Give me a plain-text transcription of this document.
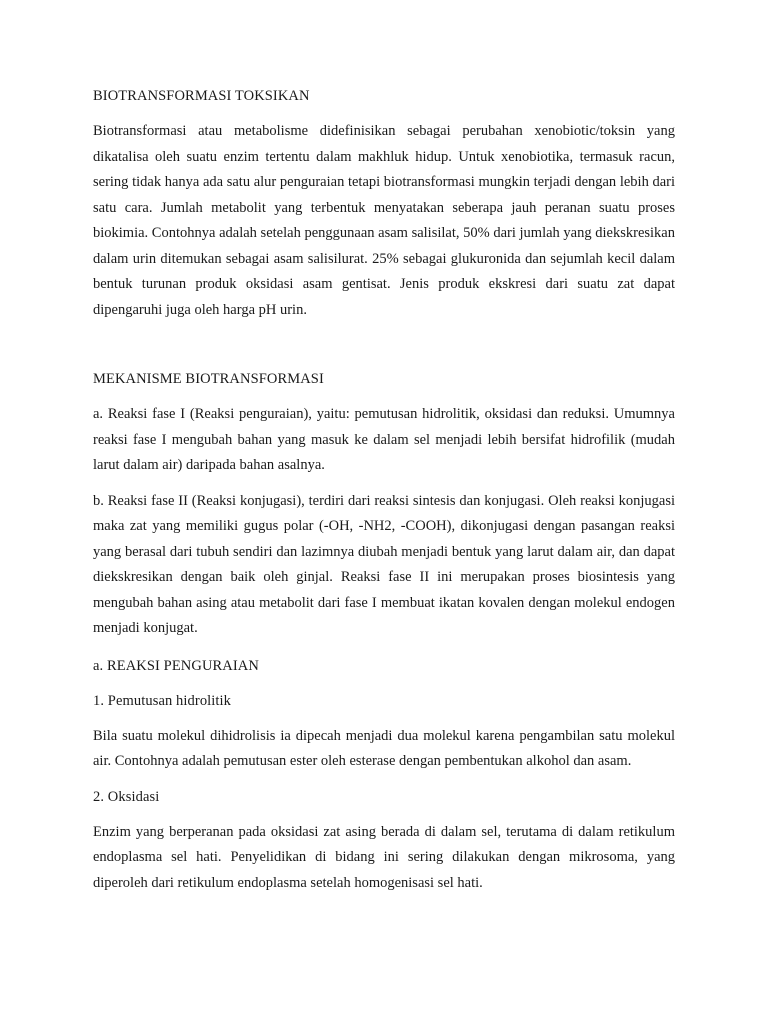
BIOTRANSFORMASI TOKSIKAN

Biotransformasi atau metabolisme didefinisikan sebagai perubahan xenobiotic/toksin yang dikatalisa oleh suatu enzim tertentu dalam makhluk hidup. Untuk xenobiotika, termasuk racun, sering tidak hanya ada satu alur penguraian tetapi biotransformasi mungkin terjadi dengan lebih dari satu cara. Jumlah metabolit yang terbentuk menyatakan seberapa jauh peranan suatu proses biokimia. Contohnya adalah setelah penggunaan asam salisilat, 50% dari jumlah yang diekskresikan dalam urin ditemukan sebagai asam salisilurat. 25% sebagai glukuronida dan sejumlah kecil dalam bentuk turunan produk oksidasi asam gentisat. Jenis produk ekskresi dari suatu zat dapat dipengaruhi juga oleh harga pH urin.

MEKANISME BIOTRANSFORMASI

a. Reaksi fase I (Reaksi penguraian), yaitu: pemutusan hidrolitik, oksidasi dan reduksi. Umumnya reaksi fase I mengubah bahan yang masuk ke dalam sel menjadi lebih bersifat hidrofilik (mudah larut dalam air) daripada bahan asalnya.

b. Reaksi fase II (Reaksi konjugasi), terdiri dari reaksi sintesis dan konjugasi. Oleh reaksi konjugasi maka zat yang memiliki gugus polar (-OH, -NH2, -COOH), dikonjugasi dengan pasangan reaksi yang berasal dari tubuh sendiri dan lazimnya diubah menjadi bentuk yang larut dalam air, dan dapat diekskresikan dengan baik oleh ginjal. Reaksi fase II ini merupakan proses biosintesis yang mengubah bahan asing atau metabolit dari fase I membuat ikatan kovalen dengan molekul endogen menjadi konjugat.

a. REAKSI PENGURAIAN

1. Pemutusan hidrolitik

Bila suatu molekul dihidrolisis ia dipecah menjadi dua molekul karena pengambilan satu molekul air. Contohnya adalah pemutusan ester oleh esterase dengan pembentukan alkohol dan asam.

2. Oksidasi

Enzim yang berperanan pada oksidasi zat asing berada di dalam sel, terutama di dalam retikulum endoplasma sel hati. Penyelidikan di bidang ini sering dilakukan dengan mikrosoma, yang diperoleh dari retikulum endoplasma setelah homogenisasi sel hati.
